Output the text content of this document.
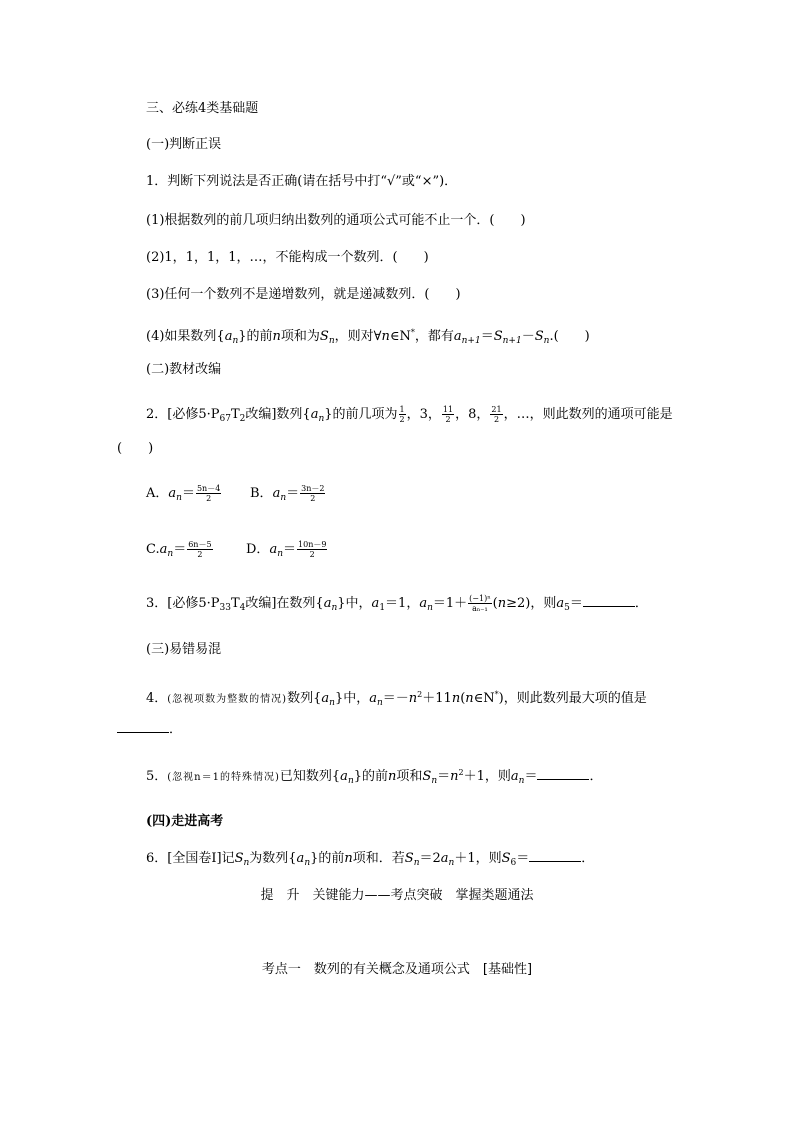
三、必练4类基础题
(一)判断正误
1．判断下列说法是否正确(请在括号中打“√”或“×”)．
(1)根据数列的前几项归纳出数列的通项公式可能不止一个．(　　)
(2)1，1，1，1，…，不能构成一个数列．(　　)
(3)任何一个数列不是递增数列，就是递减数列．(　　)
(4)如果数列$\{a_n\}$的前n项和为$S_n$，则对∀n∈N*，都有$a_{n+1}=S_{n+1}-S_n$.(　　)
(二)教材改编
2．[必修$5\cdot P_{67}T_2$改编]数列$\{a_n\}$的前几项为 $\frac{1}{2}$ ，3， $\frac{11}{2}$ ，8， $\frac{21}{2}$ ，…，则此数列的通项可能是
(　　)
A．$a_n= \frac{5n-4}{2}$ B．$a_n= \frac{3n-2}{2}$
$C.a_n= \frac{6n-5}{2}$	D．$a_n= \frac{10n-9}{2}$
3．[必修$5\cdot P_{33}T_4$改编]在数列$\{a_n\}$中，$a_1=1$，$a_n=1+ \frac{\text{(−1)ⁿ}}{\text{aₙ₋₁}} (n\ge 2)$，则$a_5=$	．
(三)易错易混
4．(忽视项数为整数的情况)数列$\{a_n\}$中，$a_n=-n^2+11n(n\in N^*)$，则此数列最大项的值是
．
5．(忽视n＝1的特殊情况)已知数列$\{a_n\}$的前n项和$S_n=n^2+1$，则$a_n=$	．
(四)走进高考
6．[全国卷Ⅰ]记$S_n$为数列$\{a_n\}$的前n项和．若$S_n=2a_n+1$，则$S_6=$	．
提　升　关键能力——考点突破　掌握类题通法
考点一　数列的有关概念及通项公式　[基础性]
